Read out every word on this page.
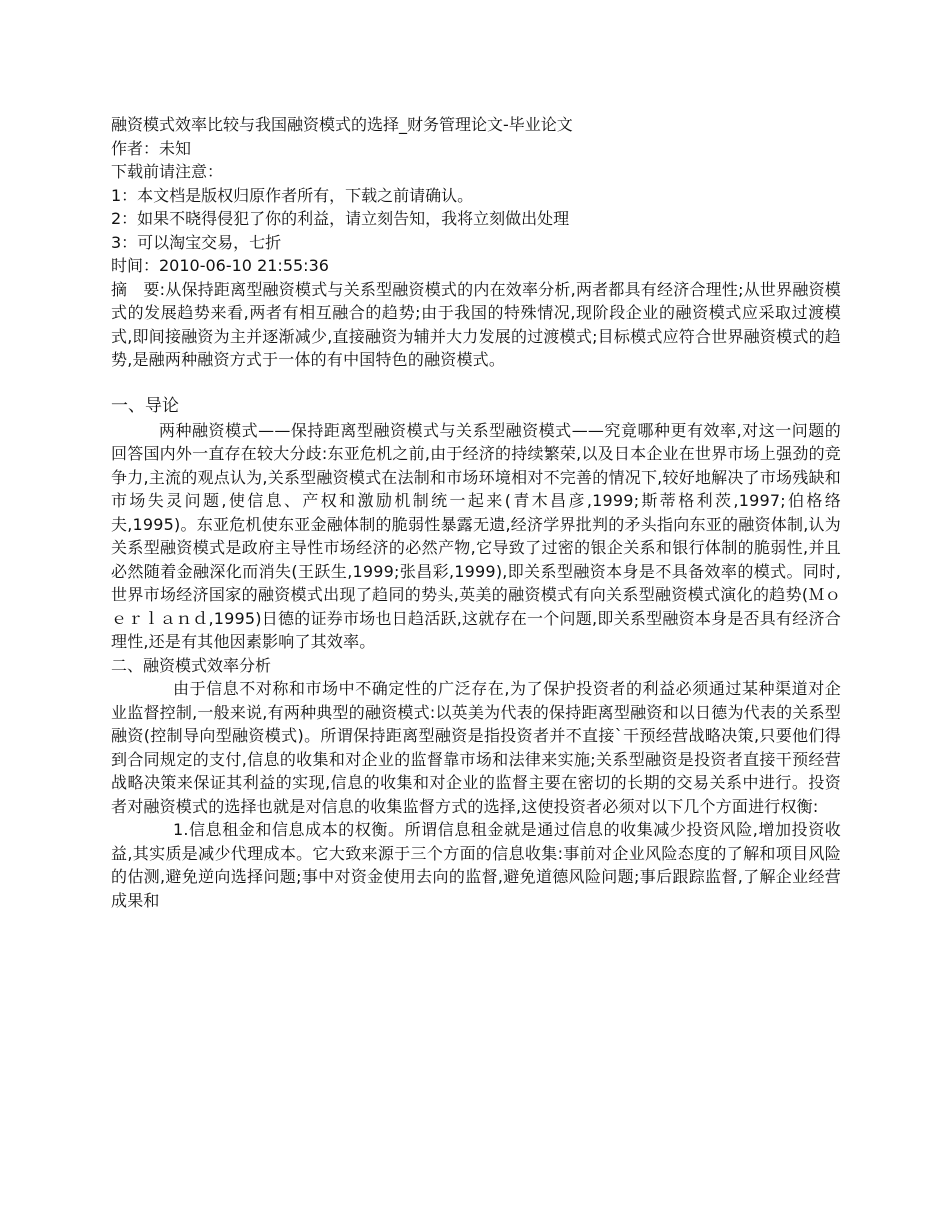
融资模式效率比较与我国融资模式的选择_财务管理论文-毕业论文
作者：未知
下载前请注意：
1：本文档是版权归原作者所有，下载之前请确认。
2：如果不晓得侵犯了你的利益，请立刻告知，我将立刻做出处理
3：可以淘宝交易，七折
时间：2010-06-10 21:55:36
摘　要:从保持距离型融资模式与关系型融资模式的内在效率分析,两者都具有经济合理性;从世界融资模式的发展趋势来看,两者有相互融合的趋势;由于我国的特殊情况,现阶段企业的融资模式应采取过渡模式,即间接融资为主并逐渐减少,直接融资为辅并大力发展的过渡模式;目标模式应符合世界融资模式的趋势,是融两种融资方式于一体的有中国特色的融资模式。
一、导论
两种融资模式——保持距离型融资模式与关系型融资模式——究竟哪种更有效率,对这一问题的回答国内外一直存在较大分歧:东亚危机之前,由于经济的持续繁荣,以及日本企业在世界市场上强劲的竞争力,主流的观点认为,关系型融资模式在法制和市场环境相对不完善的情况下,较好地解决了市场残缺和市场失灵问题,使信息、产权和激励机制统一起来(青木昌彦,1999;斯蒂格利茨,1997;伯格络夫,1995)。东亚危机使东亚金融体制的脆弱性暴露无遗,经济学界批判的矛头指向东亚的融资体制,认为关系型融资模式是政府主导性市场经济的必然产物,它导致了过密的银企关系和银行体制的脆弱性,并且必然随着金融深化而消失(王跃生,1999;张昌彩,1999),即关系型融资本身是不具备效率的模式。同时,世界市场经济国家的融资模式出现了趋同的势头,英美的融资模式有向关系型融资模式演化的趋势(Ｍｏｅｒｌａｎｄ,1995)日德的证券市场也日趋活跃,这就存在一个问题,即关系型融资本身是否具有经济合理性,还是有其他因素影响了其效率。
二、融资模式效率分析
由于信息不对称和市场中不确定性的广泛存在,为了保护投资者的利益必须通过某种渠道对企业监督控制,一般来说,有两种典型的融资模式:以英美为代表的保持距离型融资和以日德为代表的关系型融资(控制导向型融资模式)。所谓保持距离型融资是指投资者并不直接`干预经营战略决策,只要他们得到合同规定的支付,信息的收集和对企业的监督靠市场和法律来实施;关系型融资是投资者直接干预经营战略决策来保证其利益的实现,信息的收集和对企业的监督主要在密切的长期的交易关系中进行。投资者对融资模式的选择也就是对信息的收集监督方式的选择,这使投资者必须对以下几个方面进行权衡:
1.信息租金和信息成本的权衡。所谓信息租金就是通过信息的收集减少投资风险,增加投资收益,其实质是减少代理成本。它大致来源于三个方面的信息收集:事前对企业风险态度的了解和项目风险的估测,避免逆向选择问题;事中对资金使用去向的监督,避免道德风险问题;事后跟踪监督,了解企业经营成果和
